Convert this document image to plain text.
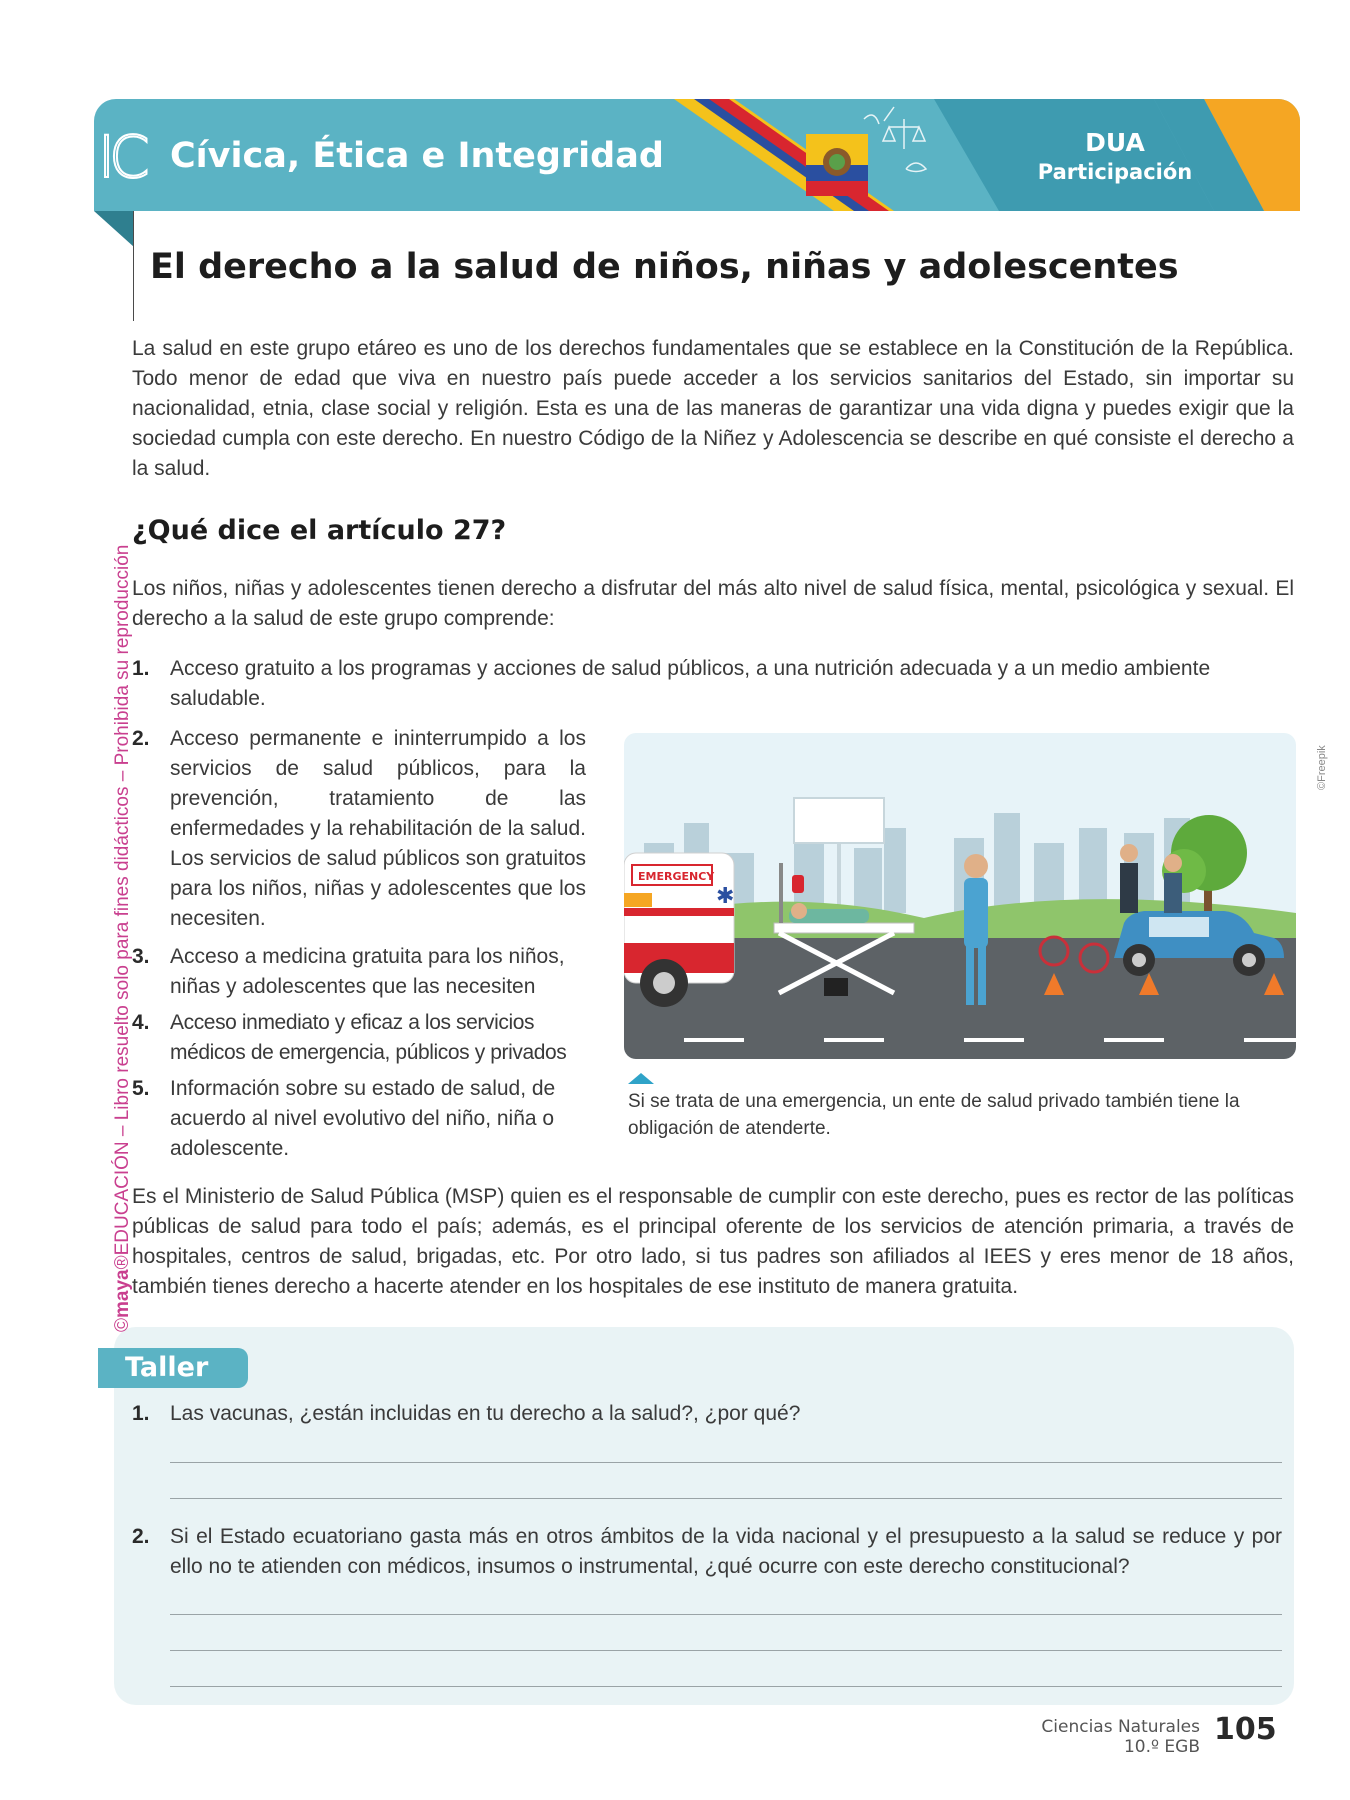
IC Cívica, Ética e Integridad	DUA
Participación
El derecho a la salud de niños, niñas y adolescentes
La salud en este grupo etáreo es uno de los derechos fundamentales que se establece en la Constitución de la República. Todo menor de edad que viva en nuestro país puede acceder a los servicios sanitarios del Estado, sin importar su nacionalidad, etnia, clase social y religión. Esta es una de las maneras de garantizar una vida digna y puedes exigir que la sociedad cumpla con este derecho. En nuestro Código de la Niñez y Adolescencia se describe en qué consiste el derecho a la salud.
¿Qué dice el artículo 27?
Los niños, niñas y adolescentes tienen derecho a disfrutar del más alto nivel de salud física, mental, psicológica y sexual. El derecho a la salud de este grupo comprende:
1. Acceso gratuito a los programas y acciones de salud públicos, a una nutrición adecuada y a un medio ambiente saludable.
2. Acceso permanente e ininterrumpido a los servicios de salud públicos, para la prevención, tratamiento de las enfermedades y la rehabilitación de la salud. Los servicios de salud públicos son gratuitos para los niños, niñas y adolescentes que los necesiten.
3. Acceso a medicina gratuita para los niños, niñas y adolescentes que las necesiten
4. Acceso inmediato y eficaz a los servicios médicos de emergencia, públicos y privados
5. Información sobre su estado de salud, de acuerdo al nivel evolutivo del niño, niña o adolescente.
EMERGENCY
✱
©Freepik
Si se trata de una emergencia, un ente de salud privado también tiene la obligación de atenderte.
Es el Ministerio de Salud Pública (MSP) quien es el responsable de cumplir con este derecho, pues es rector de las políticas públicas de salud para todo el país; además, es el principal oferente de los servicios de atención primaria, a través de hospitales, centros de salud, brigadas, etc. Por otro lado, si tus padres son afiliados al IEES y eres menor de 18 años, también tienes derecho a hacerte atender en los hospitales de ese instituto de manera gratuita.
Taller
1. Las vacunas, ¿están incluidas en tu derecho a la salud?, ¿por qué?
2. Si el Estado ecuatoriano gasta más en otros ámbitos de la vida nacional y el presupuesto a la salud se reduce y por ello no te atienden con médicos, insumos o instrumental, ¿qué ocurre con este derecho constitucional?
©maya®EDUCACIÓN – Libro resuelto solo para fines didácticos – Prohibida su reproducción
Ciencias Naturales
10.º EGB 105
